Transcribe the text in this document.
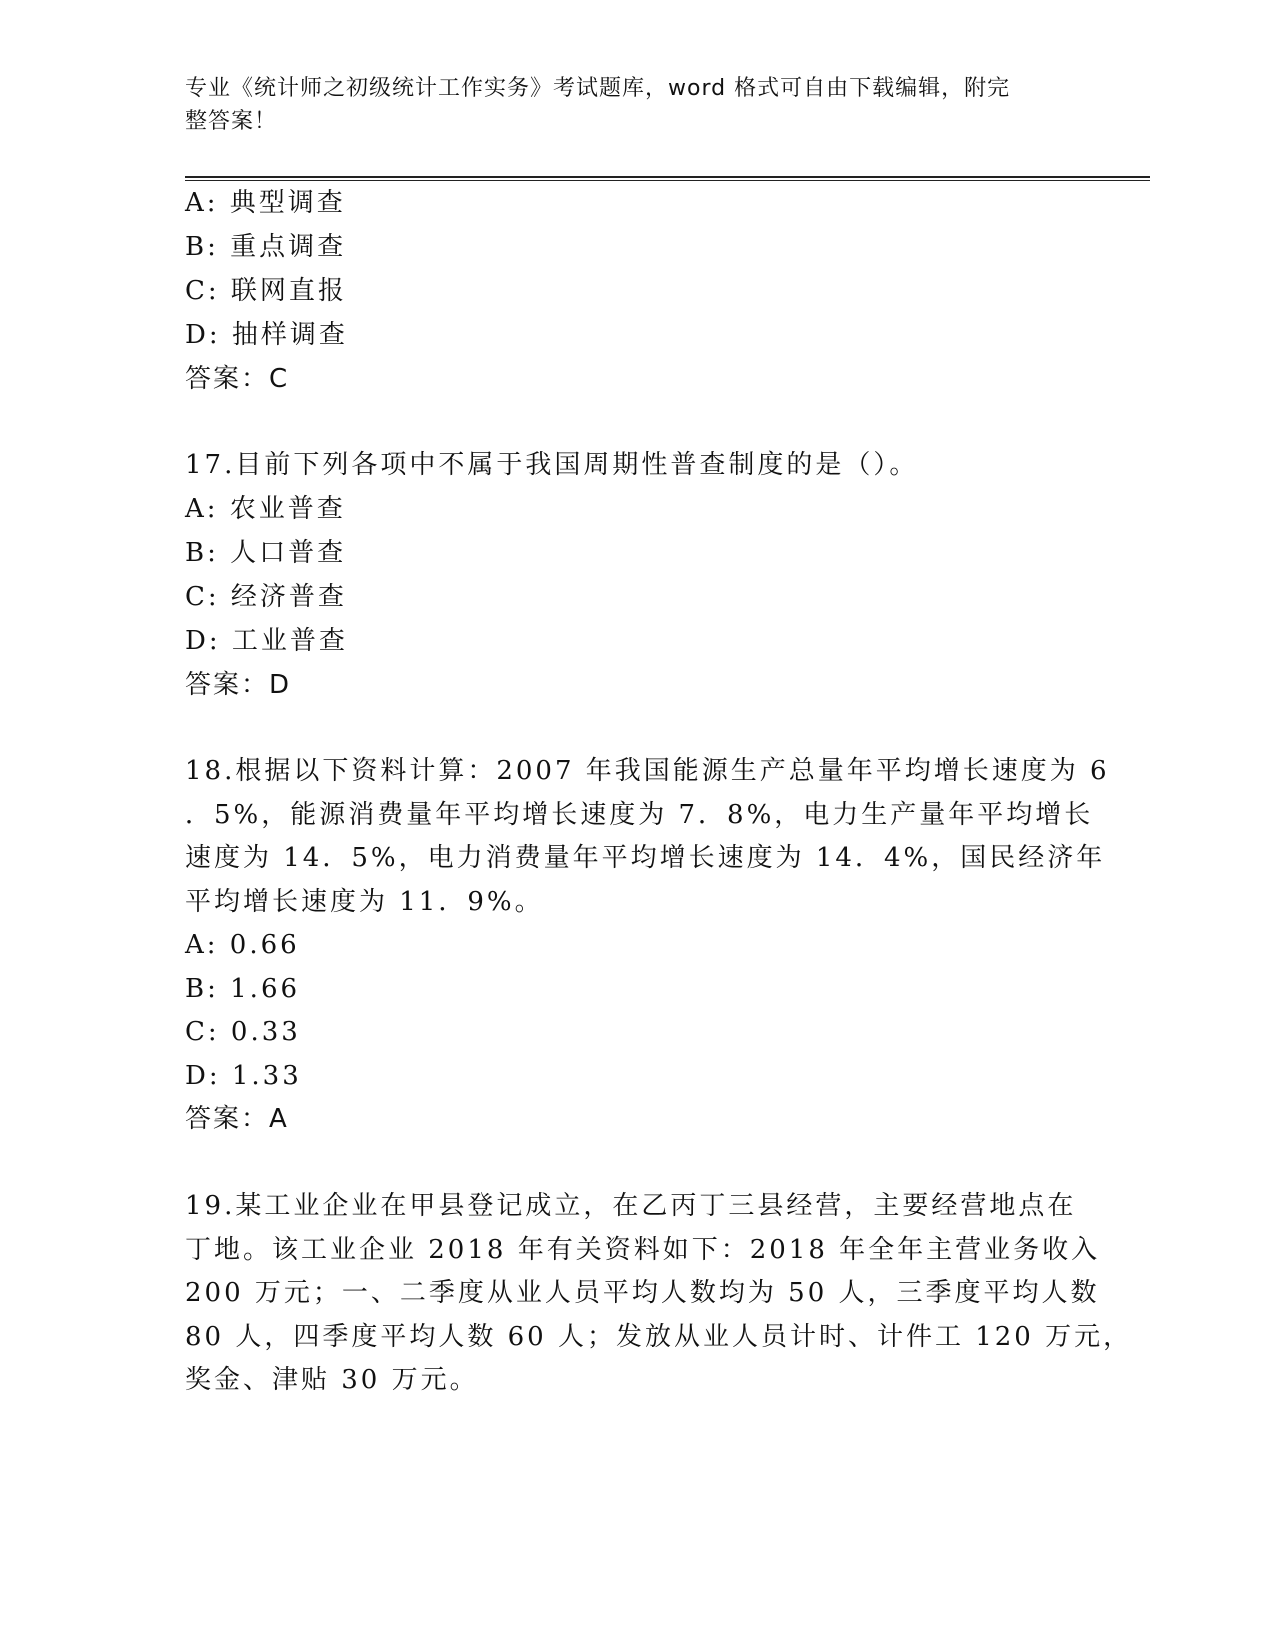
专业《统计师之初级统计工作实务》考试题库，word 格式可自由下载编辑，附完
整答案！
A: 典型调查
B: 重点调查
C: 联网直报
D: 抽样调查
答案：C
17.目前下列各项中不属于我国周期性普查制度的是（）。
A: 农业普查
B: 人口普查
C: 经济普查
D: 工业普查
答案：D
18.根据以下资料计算：2007 年我国能源生产总量年平均增长速度为 6
．5%，能源消费量年平均增长速度为 7．8%，电力生产量年平均增长
速度为 14．5%，电力消费量年平均增长速度为 14．4%，国民经济年
平均增长速度为 11．9%。
A: 0.66
B: 1.66
C: 0.33
D: 1.33
答案：A
19.某工业企业在甲县登记成立，在乙丙丁三县经营，主要经营地点在
丁地。该工业企业 2018 年有关资料如下：2018 年全年主营业务收入
200 万元；一、二季度从业人员平均人数均为 50 人，三季度平均人数
80 人，四季度平均人数 60 人；发放从业人员计时、计件工 120 万元，
奖金、津贴 30 万元。
